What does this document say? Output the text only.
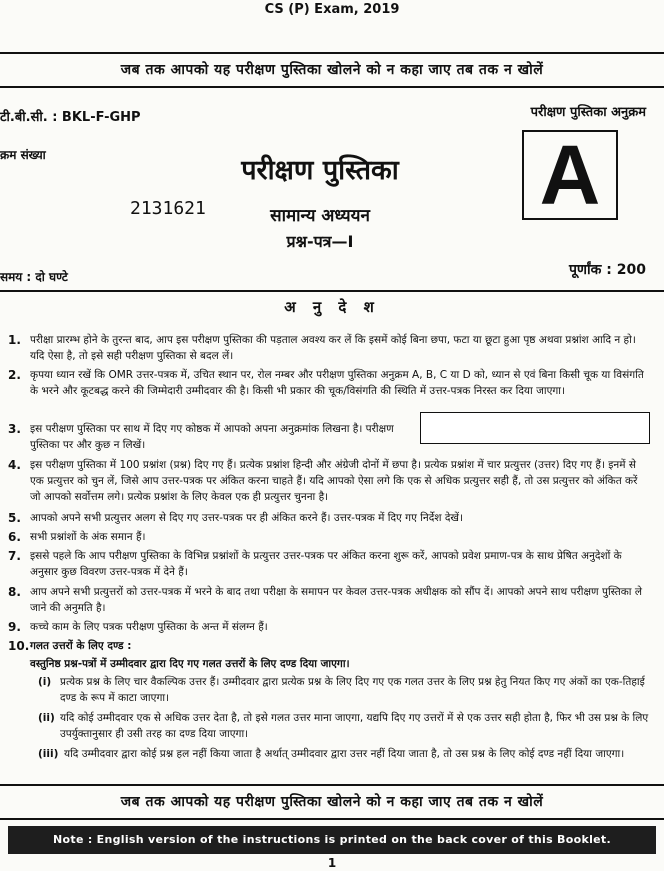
CS (P) Exam, 2019
जब तक आपको यह परीक्षण पुस्तिका खोलने को न कहा जाए तब तक न खोलें
टी.बी.सी. : BKL-F-GHP	परीक्षण पुस्तिका अनुक्रम
क्रम संख्या	A
परीक्षण पुस्तिका
2131621	सामान्य अध्ययन
प्रश्न-पत्र—I
समय : दो घण्टे	पूर्णांक : 200
अ नु दे श
1. परीक्षा प्रारम्भ होने के तुरन्त बाद, आप इस परीक्षण पुस्तिका की पड़ताल अवश्य कर लें कि इसमें कोई बिना छपा, फटा या छूटा हुआ पृष्ठ अथवा प्रश्नांश आदि न हो। यदि ऐसा है, तो इसे सही परीक्षण पुस्तिका से बदल लें।
2. कृपया ध्यान रखें कि OMR उत्तर-पत्रक में, उचित स्थान पर, रोल नम्बर और परीक्षण पुस्तिका अनुक्रम A, B, C या D को, ध्यान से एवं बिना किसी चूक या विसंगति के भरने और कूटबद्ध करने की जिम्मेदारी उम्मीदवार की है। किसी भी प्रकार की चूक/विसंगति की स्थिति में उत्तर-पत्रक निरस्त कर दिया जाएगा।
3. इस परीक्षण पुस्तिका पर साथ में दिए गए कोष्ठक में आपको अपना अनुक्रमांक लिखना है। परीक्षण पुस्तिका पर और कुछ न लिखें।
4. इस परीक्षण पुस्तिका में 100 प्रश्नांश (प्रश्न) दिए गए हैं। प्रत्येक प्रश्नांश हिन्दी और अंग्रेजी दोनों में छपा है। प्रत्येक प्रश्नांश में चार प्रत्युत्तर (उत्तर) दिए गए हैं। इनमें से एक प्रत्युत्तर को चुन लें, जिसे आप उत्तर-पत्रक पर अंकित करना चाहते हैं। यदि आपको ऐसा लगे कि एक से अधिक प्रत्युत्तर सही हैं, तो उस प्रत्युत्तर को अंकित करें जो आपको सर्वोत्तम लगे। प्रत्येक प्रश्नांश के लिए केवल एक ही प्रत्युत्तर चुनना है।
5. आपको अपने सभी प्रत्युत्तर अलग से दिए गए उत्तर-पत्रक पर ही अंकित करने हैं। उत्तर-पत्रक में दिए गए निर्देश देखें।
6. सभी प्रश्नांशों के अंक समान हैं।
7. इससे पहले कि आप परीक्षण पुस्तिका के विभिन्न प्रश्नांशों के प्रत्युत्तर उत्तर-पत्रक पर अंकित करना शुरू करें, आपको प्रवेश प्रमाण-पत्र के साथ प्रेषित अनुदेशों के अनुसार कुछ विवरण उत्तर-पत्रक में देने हैं।
8. आप अपने सभी प्रत्युत्तरों को उत्तर-पत्रक में भरने के बाद तथा परीक्षा के समापन पर केवल उत्तर-पत्रक अधीक्षक को सौंप दें। आपको अपने साथ परीक्षण पुस्तिका ले जाने की अनुमति है।
9. कच्चे काम के लिए पत्रक परीक्षण पुस्तिका के अन्त में संलग्न हैं।
10. गलत उत्तरों के लिए दण्ड :
वस्तुनिष्ठ प्रश्न-पत्रों में उम्मीदवार द्वारा दिए गए गलत उत्तरों के लिए दण्ड दिया जाएगा।
(i) प्रत्येक प्रश्न के लिए चार वैकल्पिक उत्तर हैं। उम्मीदवार द्वारा प्रत्येक प्रश्न के लिए दिए गए एक गलत उत्तर के लिए प्रश्न हेतु नियत किए गए अंकों का एक-तिहाई दण्ड के रूप में काटा जाएगा।
(ii) यदि कोई उम्मीदवार एक से अधिक उत्तर देता है, तो इसे गलत उत्तर माना जाएगा, यद्यपि दिए गए उत्तरों में से एक उत्तर सही होता है, फिर भी उस प्रश्न के लिए उपर्युक्तानुसार ही उसी तरह का दण्ड दिया जाएगा।
(iii) यदि उम्मीदवार द्वारा कोई प्रश्न हल नहीं किया जाता है अर्थात् उम्मीदवार द्वारा उत्तर नहीं दिया जाता है, तो उस प्रश्न के लिए कोई दण्ड नहीं दिया जाएगा।
जब तक आपको यह परीक्षण पुस्तिका खोलने को न कहा जाए तब तक न खोलें
Note : English version of the instructions is printed on the back cover of this Booklet.
1
